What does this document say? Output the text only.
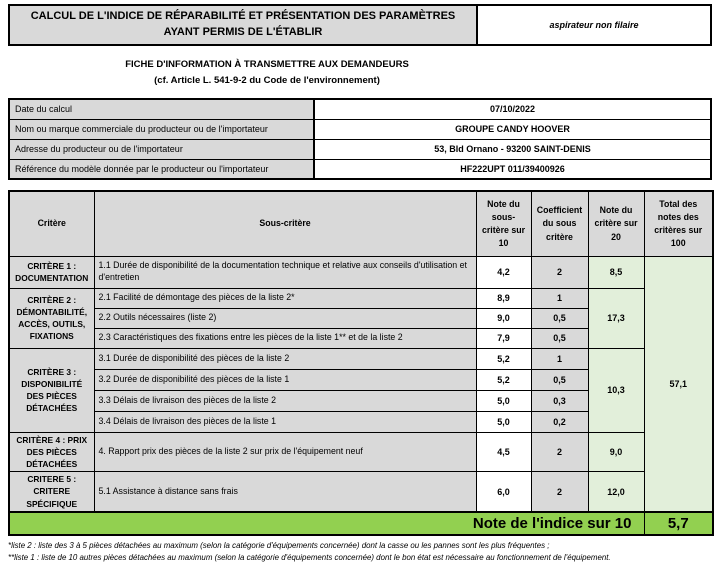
CALCUL DE L'INDICE DE RÉPARABILITÉ ET PRÉSENTATION DES PARAMÈTRES AYANT PERMIS DE L'ÉTABLIR
aspirateur non filaire
FICHE D'INFORMATION À TRANSMETTRE AUX DEMANDEURS
(cf. Article L. 541-9-2 du Code de l'environnement)
Date du calcul	07/10/2022
Nom ou marque commerciale du producteur ou de l'importateur	GROUPE CANDY HOOVER
Adresse du producteur ou de l'importateur	53, Bld Ornano - 93200 SAINT-DENIS
Référence du modèle donnée par le producteur ou l'importateur	HF222UPT 011/39400926
Critère	Sous-critère	Note du sous-critère sur 10	Coefficient du sous critère	Note du critère sur 20	Total des notes des critères sur 100
CRITÈRE 1 : DOCUMENTATION	1.1 Durée de disponibilité de la documentation technique et relative aux conseils d'utilisation et d'entretien	4,2	2	8,5	57,1
CRITÈRE 2 : DÉMONTABILITÉ, ACCÈS, OUTILS, FIXATIONS	2.1 Facilité de démontage des pièces de la liste 2*	8,9	1	17,3	
	2.2 Outils nécessaires (liste 2)	9,0	0,5		
	2.3 Caractéristiques des fixations entre les pièces de la liste 1** et de la liste 2	7,9	0,5		
CRITÈRE 3 : DISPONIBILITÉ DES PIÈCES DÉTACHÉES	3.1 Durée de disponibilité des pièces de la liste 2	5,2	1	10,3	
	3.2 Durée de disponibilité des pièces de la liste 1	5,2	0,5		
	3.3 Délais de livraison des pièces de la liste 2	5,0	0,3		
	3.4 Délais de livraison des pièces de la liste 1	5,0	0,2		
CRITÈRE 4 : PRIX DES PIÈCES DÉTACHÉES	4. Rapport prix des pièces de la liste 2 sur prix de l'équipement neuf	4,5	2	9,0	
CRITERE 5 : CRITERE SPÉCIFIQUE	5.1 Assistance à distance sans frais	6,0	2	12,0	
Note de l'indice sur 10					5,7
*liste 2 : liste des 3 à 5 pièces détachées au maximum (selon la catégorie d'équipements concernée) dont la casse ou les pannes sont les plus fréquentes ;
**liste 1 : liste de 10 autres pièces détachées au maximum (selon la catégorie d'équipements concernée) dont le bon état est nécessaire au fonctionnement de l'équipement.
